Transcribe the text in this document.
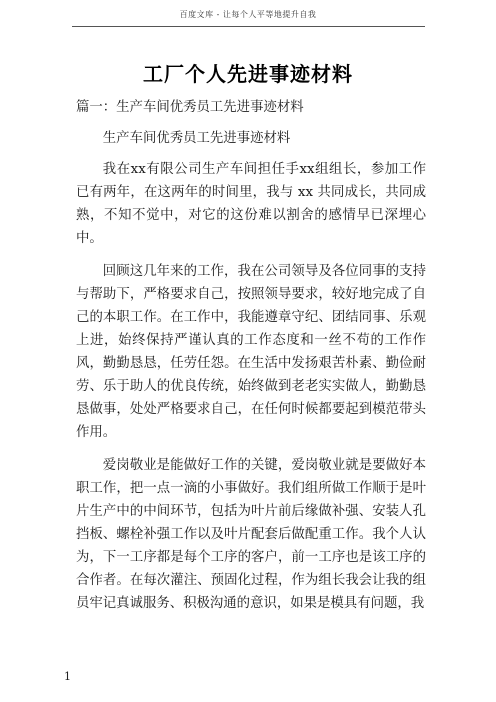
百度文库 - 让每个人平等地提升自我
工厂个人先进事迹材料

篇一：生产车间优秀员工先进事迹材料

生产车间优秀员工先进事迹材料

我在xx有限公司生产车间担任手xx组组长，参加工作已有两年，在这两年的时间里，我与 xx 共同成长，共同成熟，不知不觉中，对它的这份难以割舍的感情早已深埋心中。

回顾这几年来的工作，我在公司领导及各位同事的支持与帮助下，严格要求自己，按照领导要求，较好地完成了自己的本职工作。在工作中，我能遵章守纪、团结同事、乐观上进，始终保持严谨认真的工作态度和一丝不苟的工作作风，勤勤恳恳，任劳任怨。在生活中发扬艰苦朴素、勤俭耐劳、乐于助人的优良传统，始终做到老老实实做人，勤勤恳恳做事，处处严格要求自己，在任何时候都要起到模范带头作用。

爱岗敬业是能做好工作的关键，爱岗敬业就是要做好本职工作，把一点一滴的小事做好。我们组所做工作顺于是叶片生产中的中间环节，包括为叶片前后缘做补强、安装人孔挡板、螺栓补强工作以及叶片配套后做配重工作。我个人认为，下一工序都是每个工序的客户，前一工序也是该工序的合作者。在每次灌注、预固化过程，作为组长我会让我的组员牢记真诚服务、积极沟通的意识，如果是模具有问题，我

1
